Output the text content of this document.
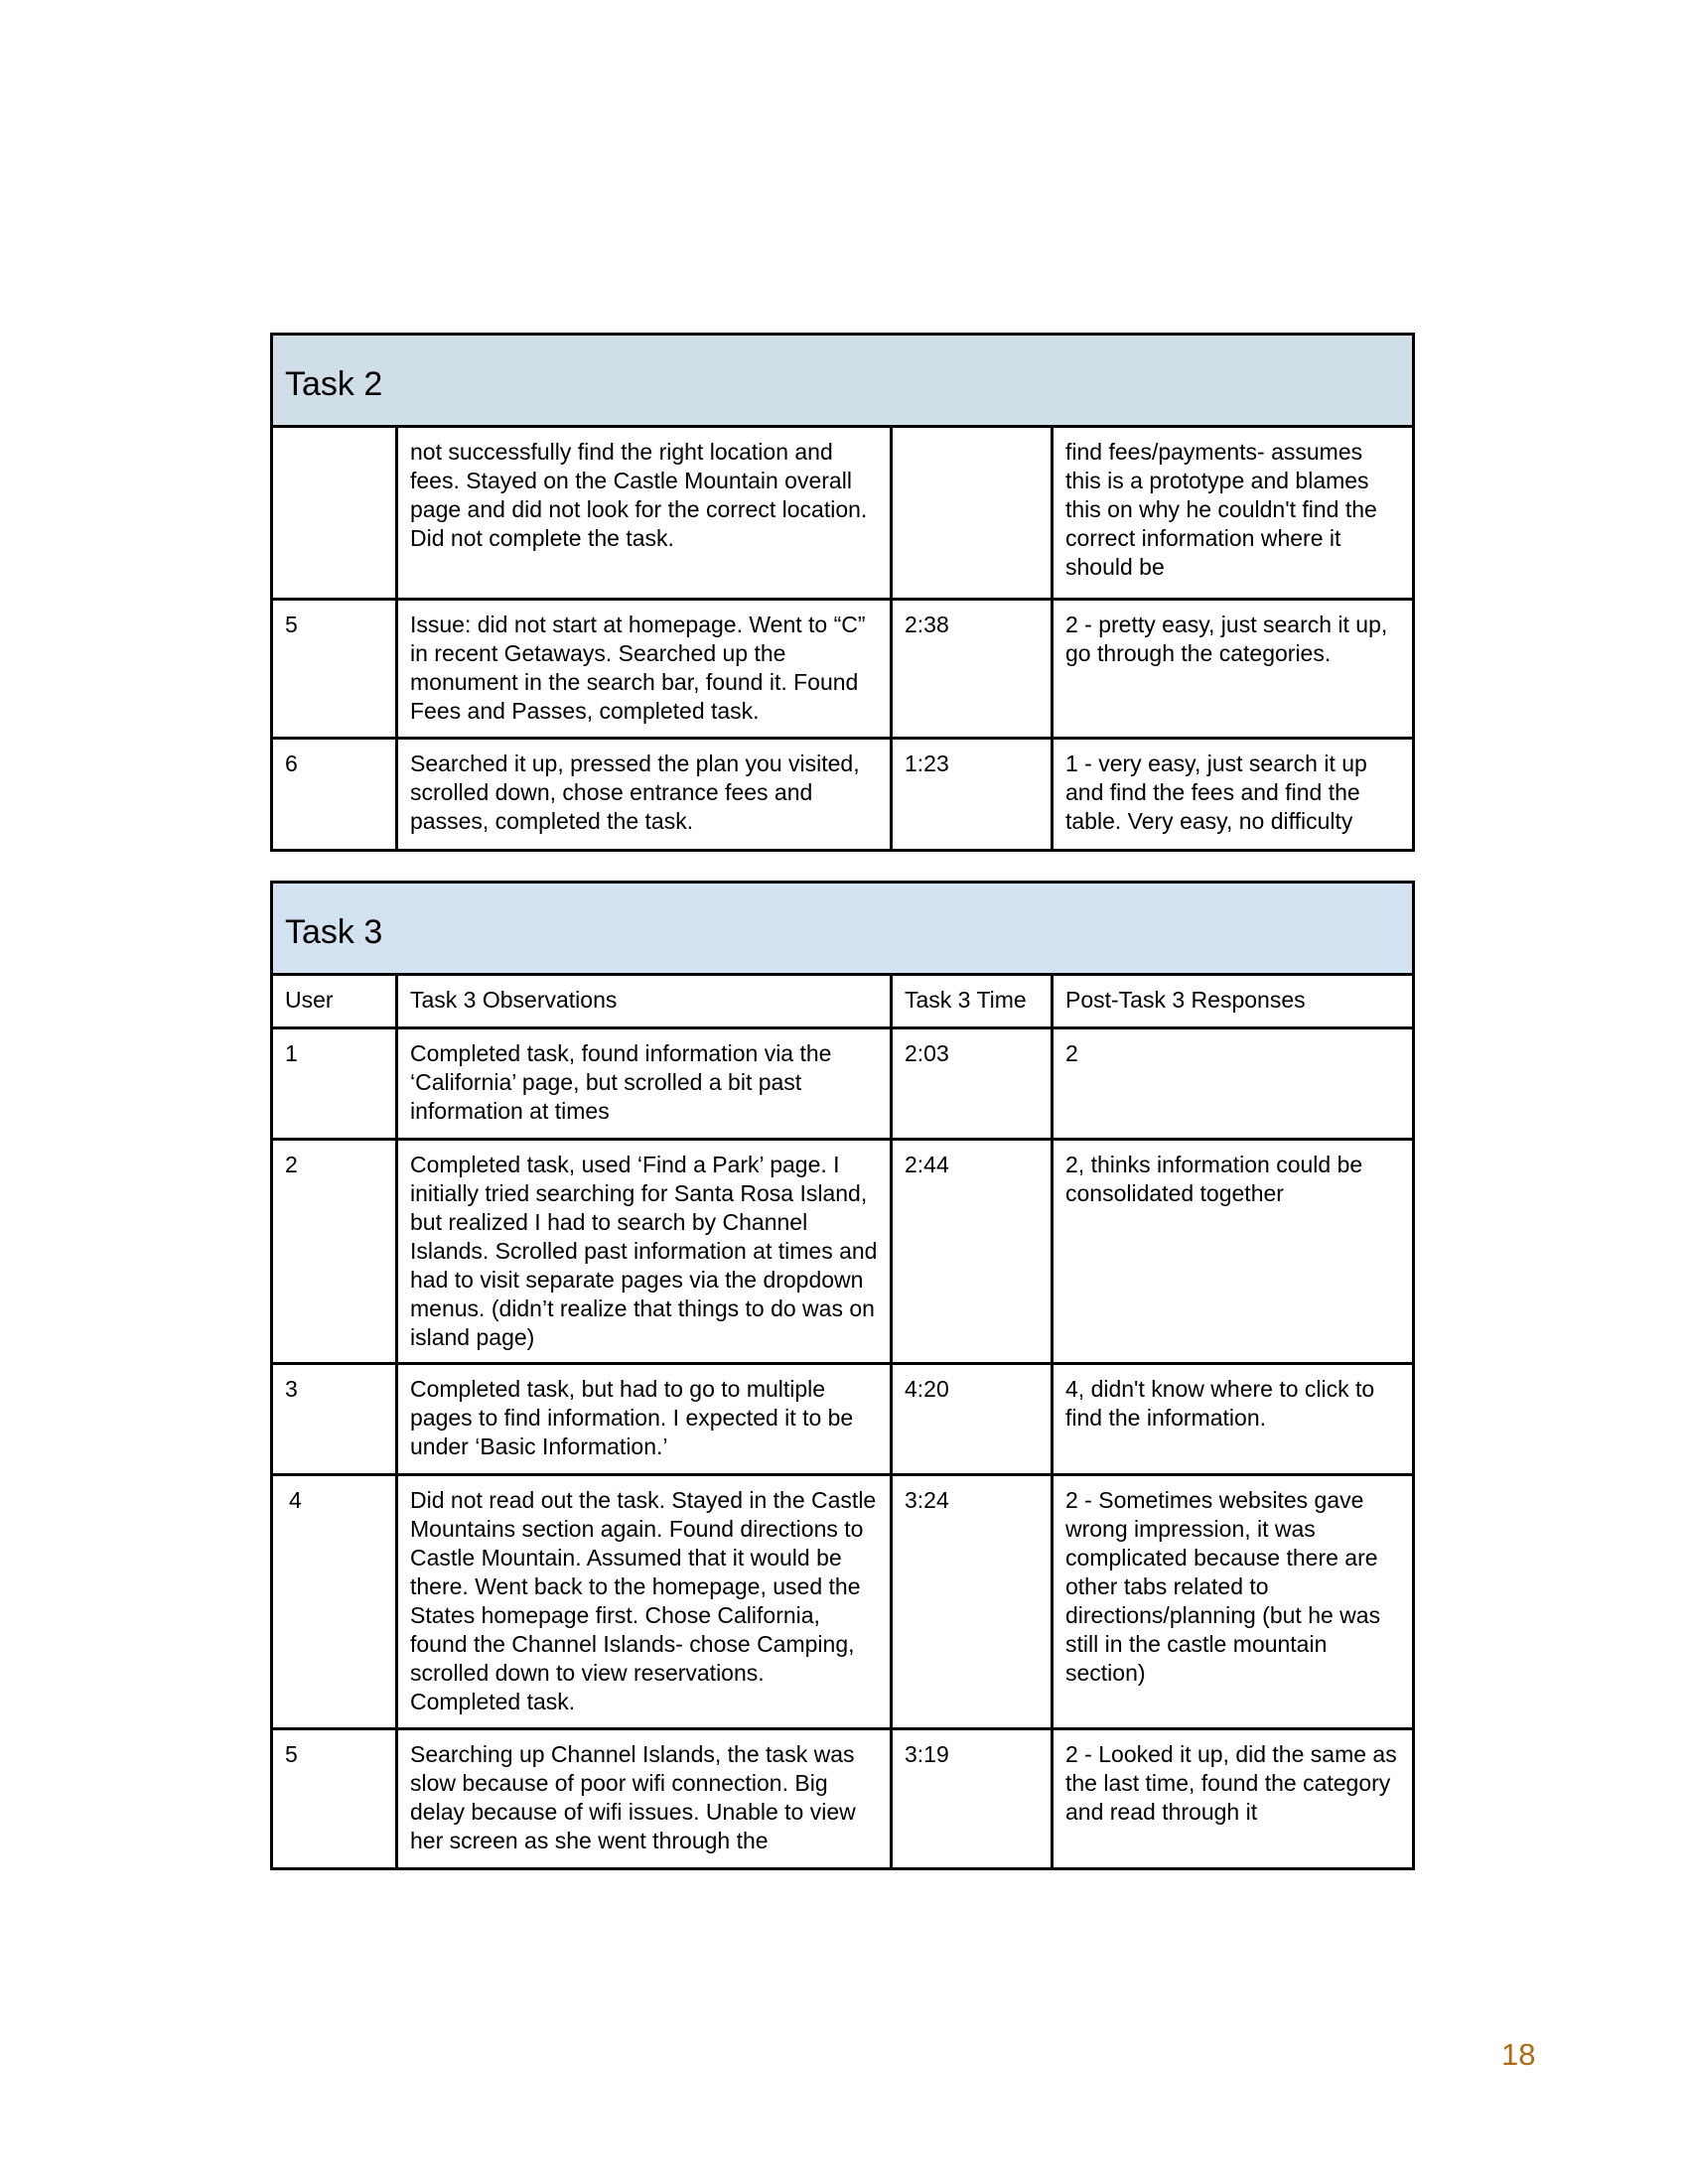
Task 2			
	not successfully find the right location and fees. Stayed on the Castle Mountain overall page and did not look for the correct location. Did not complete the task.		find fees/payments- assumes this is a prototype and blames this on why he couldn't find the correct information where it should be
5	Issue: did not start at homepage. Went to “C” in recent Getaways. Searched up the monument in the search bar, found it. Found Fees and Passes, completed task.	2:38	2 - pretty easy, just search it up, go through the categories.
6	Searched it up, pressed the plan you visited, scrolled down, chose entrance fees and passes, completed the task.	1:23	1 - very easy, just search it up and find the fees and find the table. Very easy, no difficulty
Task 3			
User	Task 3 Observations	Task 3 Time	Post-Task 3 Responses
1	Completed task, found information via the ‘California’ page, but scrolled a bit past information at times	2:03	2
2	Completed task, used ‘Find a Park’ page. I initially tried searching for Santa Rosa Island, but realized I had to search by Channel Islands. Scrolled past information at times and had to visit separate pages via the dropdown menus. (didn’t realize that things to do was on island page)	2:44	2, thinks information could be consolidated together
3	Completed task, but had to go to multiple pages to find information. I expected it to be under ‘Basic Information.’	4:20	4, didn't know where to click to find the information.
4	Did not read out the task. Stayed in the Castle Mountains section again. Found directions to Castle Mountain. Assumed that it would be there. Went back to the homepage, used the States homepage first. Chose California, found the Channel Islands- chose Camping, scrolled down to view reservations. Completed task.	3:24	2 - Sometimes websites gave wrong impression, it was complicated because there are other tabs related to directions/planning (but he was still in the castle mountain section)
5	Searching up Channel Islands, the task was slow because of poor wifi connection. Big delay because of wifi issues. Unable to view her screen as she went through the	3:19	2 - Looked it up, did the same as the last time, found the category and read through it
18
